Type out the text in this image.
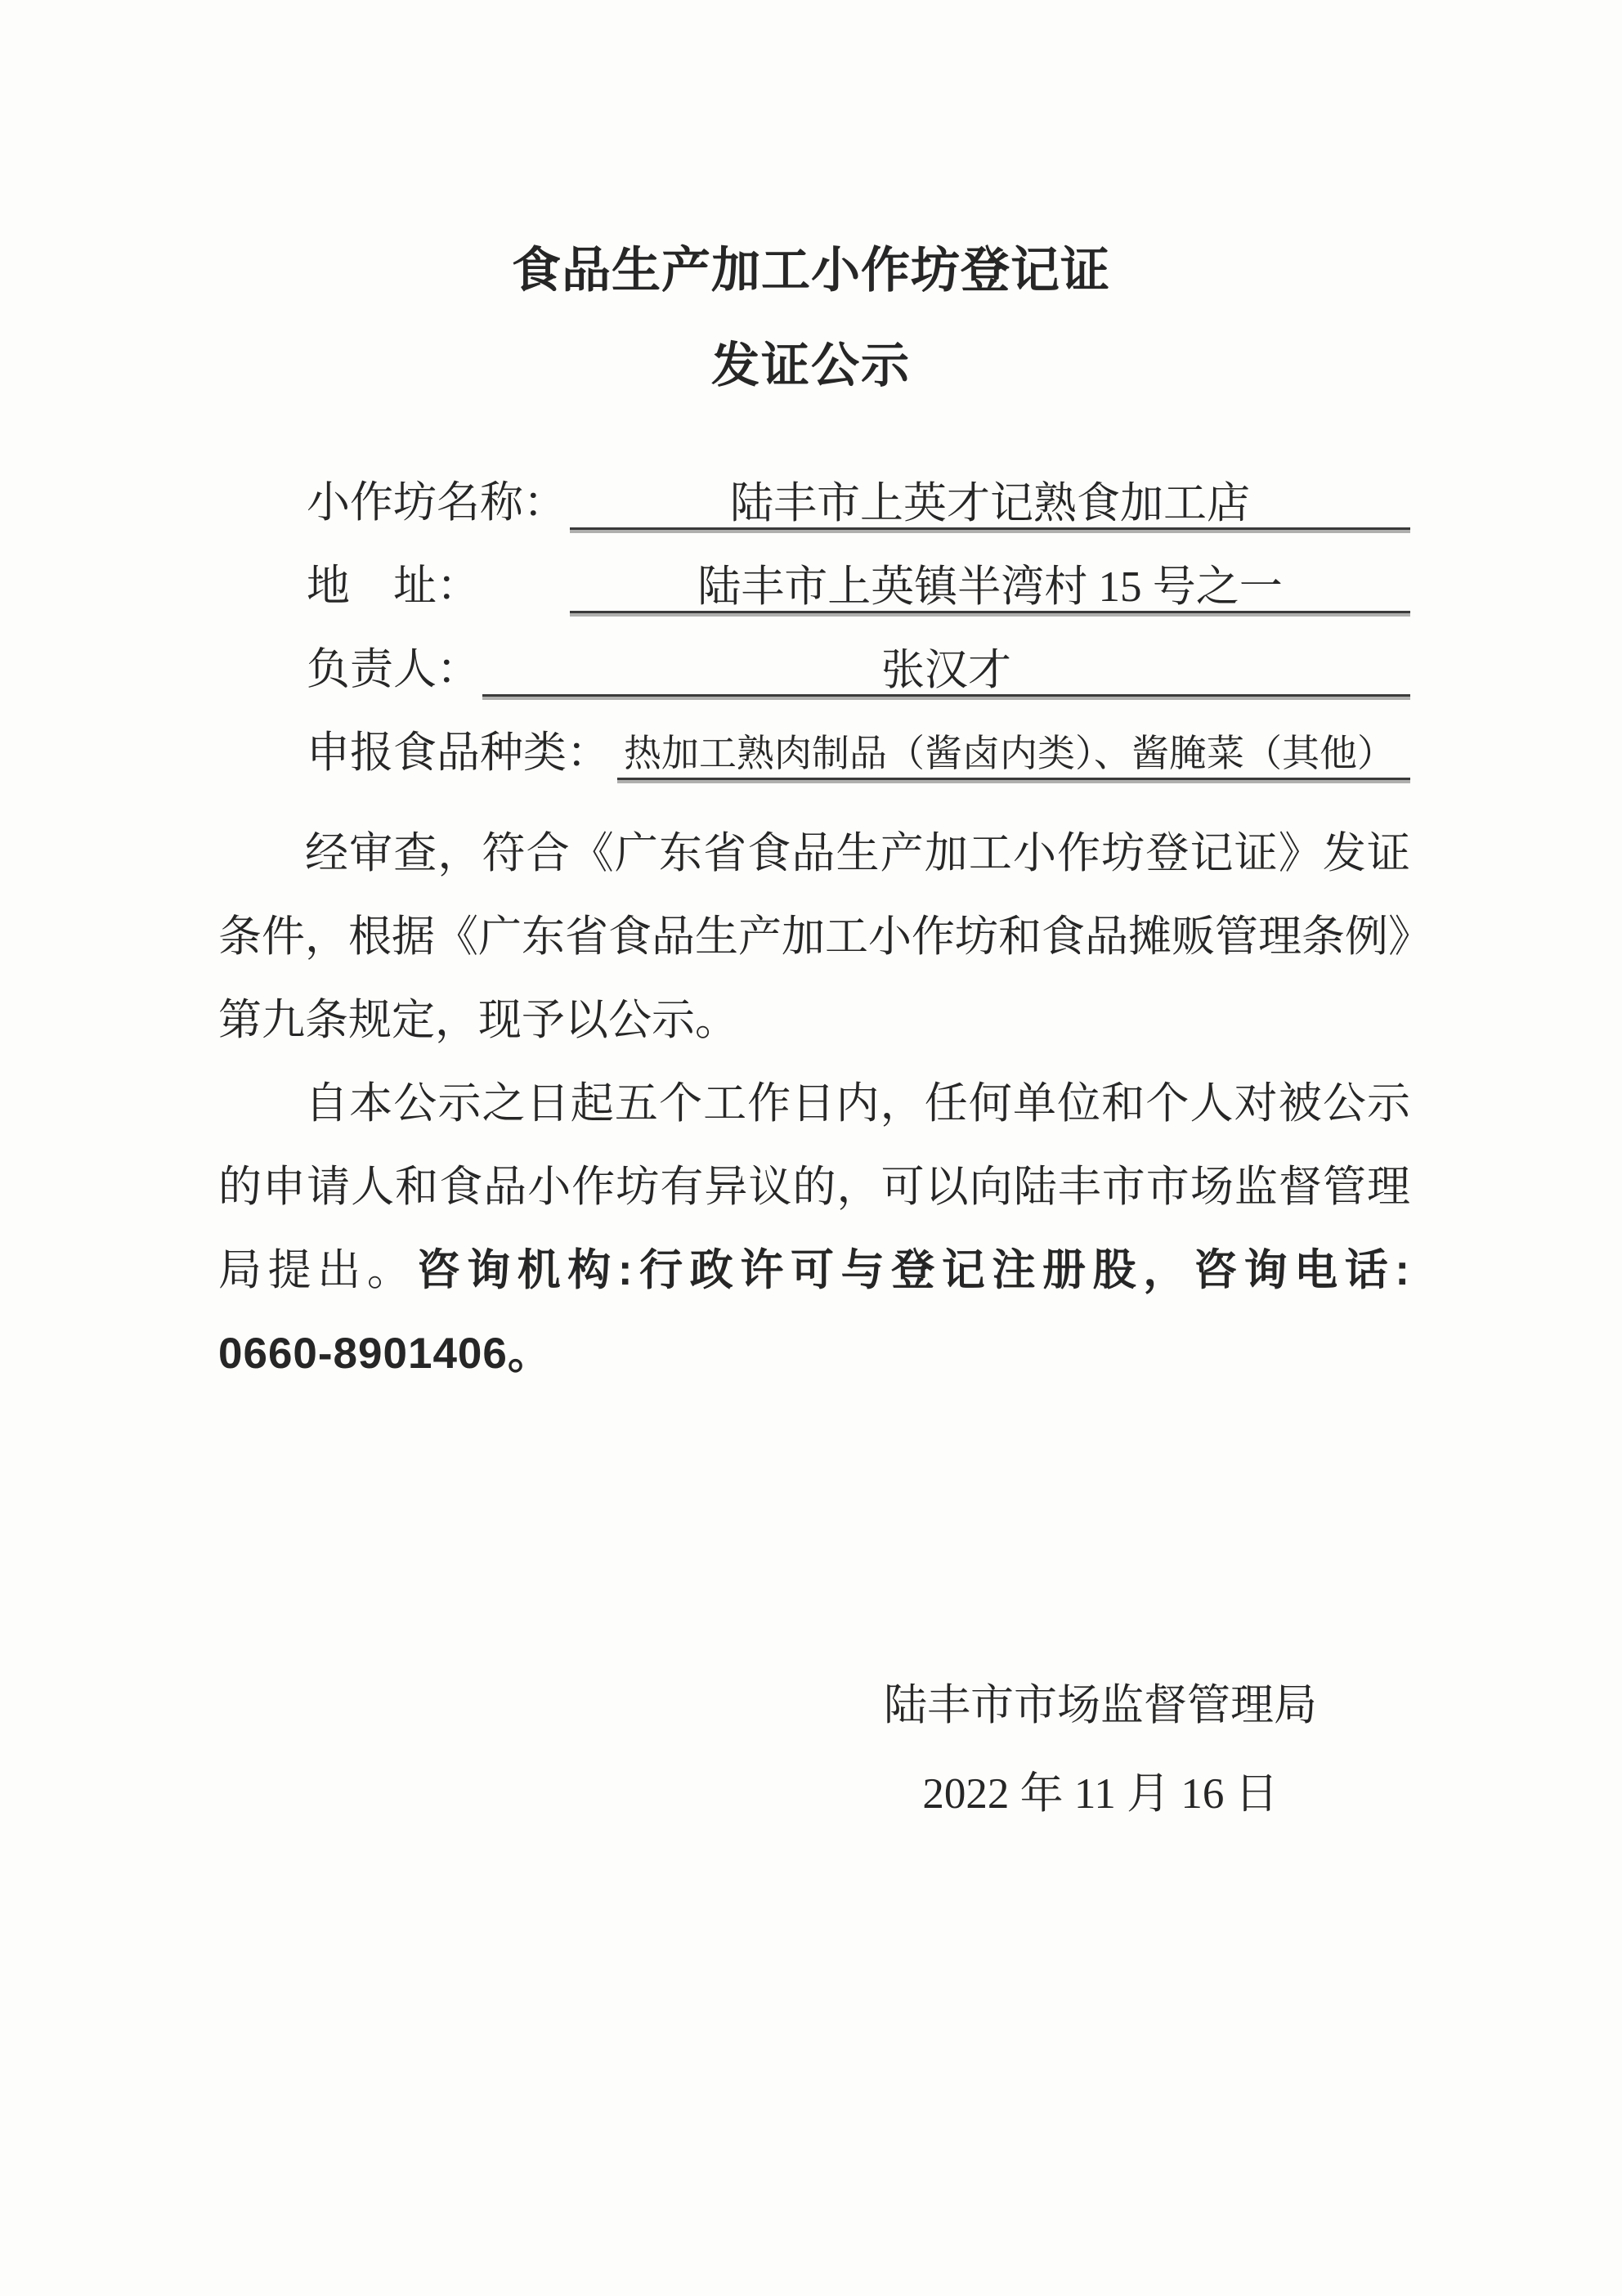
食品生产加工小作坊登记证
发证公示
小作坊名称：	陆丰市上英才记熟食加工店
地　址：	陆丰市上英镇半湾村 15 号之一
负责人：	张汉才
申报食品种类： 热加工熟肉制品（酱卤内类）、酱腌菜（其他）
经审查，符合《广东省食品生产加工小作坊登记证》发证
条件，根据《广东省食品生产加工小作坊和食品摊贩管理条例》
第九条规定，现予以公示。
自本公示之日起五个工作日内，任何单位和个人对被公示
的申请人和食品小作坊有异议的，可以向陆丰市市场监督管理
局提出。咨询机构:行政许可与登记注册股，咨询电话:
0660-8901406。
陆丰市市场监督管理局
2022 年 11 月 16 日
